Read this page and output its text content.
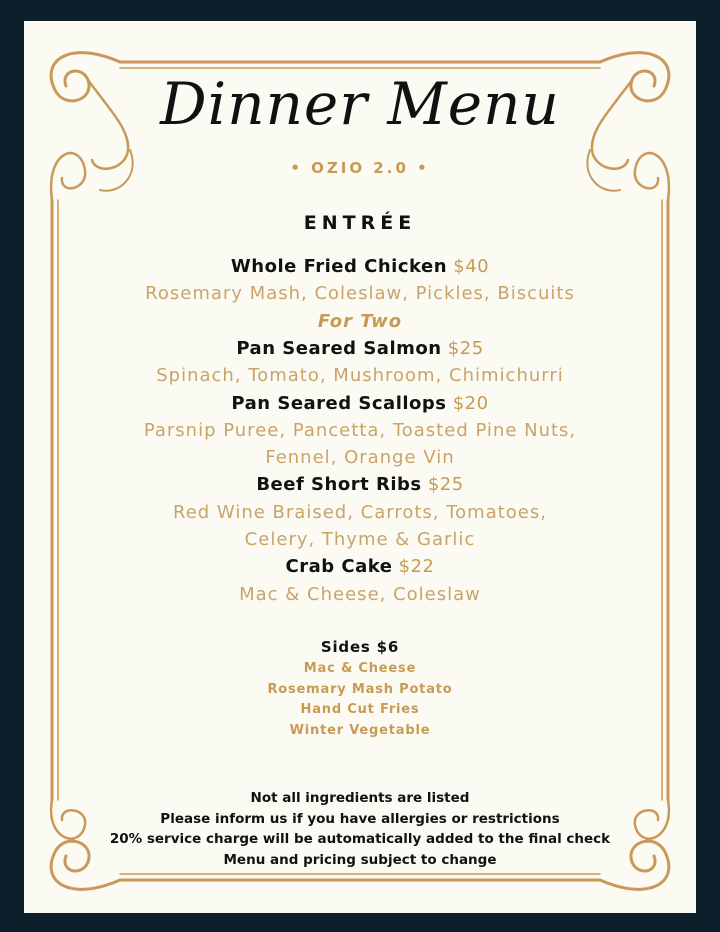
Dinner Menu
• OZIO 2.0 •
ENTRÉE
Whole Fried Chicken $40
Rosemary Mash, Coleslaw, Pickles, Biscuits
For Two
Pan Seared Salmon $25
Spinach, Tomato, Mushroom, Chimichurri
Pan Seared Scallops $20
Parsnip Puree, Pancetta, Toasted Pine Nuts,
Fennel, Orange Vin
Beef Short Ribs $25
Red Wine Braised, Carrots, Tomatoes,
Celery, Thyme & Garlic
Crab Cake $22
Mac & Cheese, Coleslaw
Sides $6
Mac & Cheese
Rosemary Mash Potato
Hand Cut Fries
Winter Vegetable
Not all ingredients are listed
Please inform us if you have allergies or restrictions
20% service charge will be automatically added to the final check
Menu and pricing subject to change
